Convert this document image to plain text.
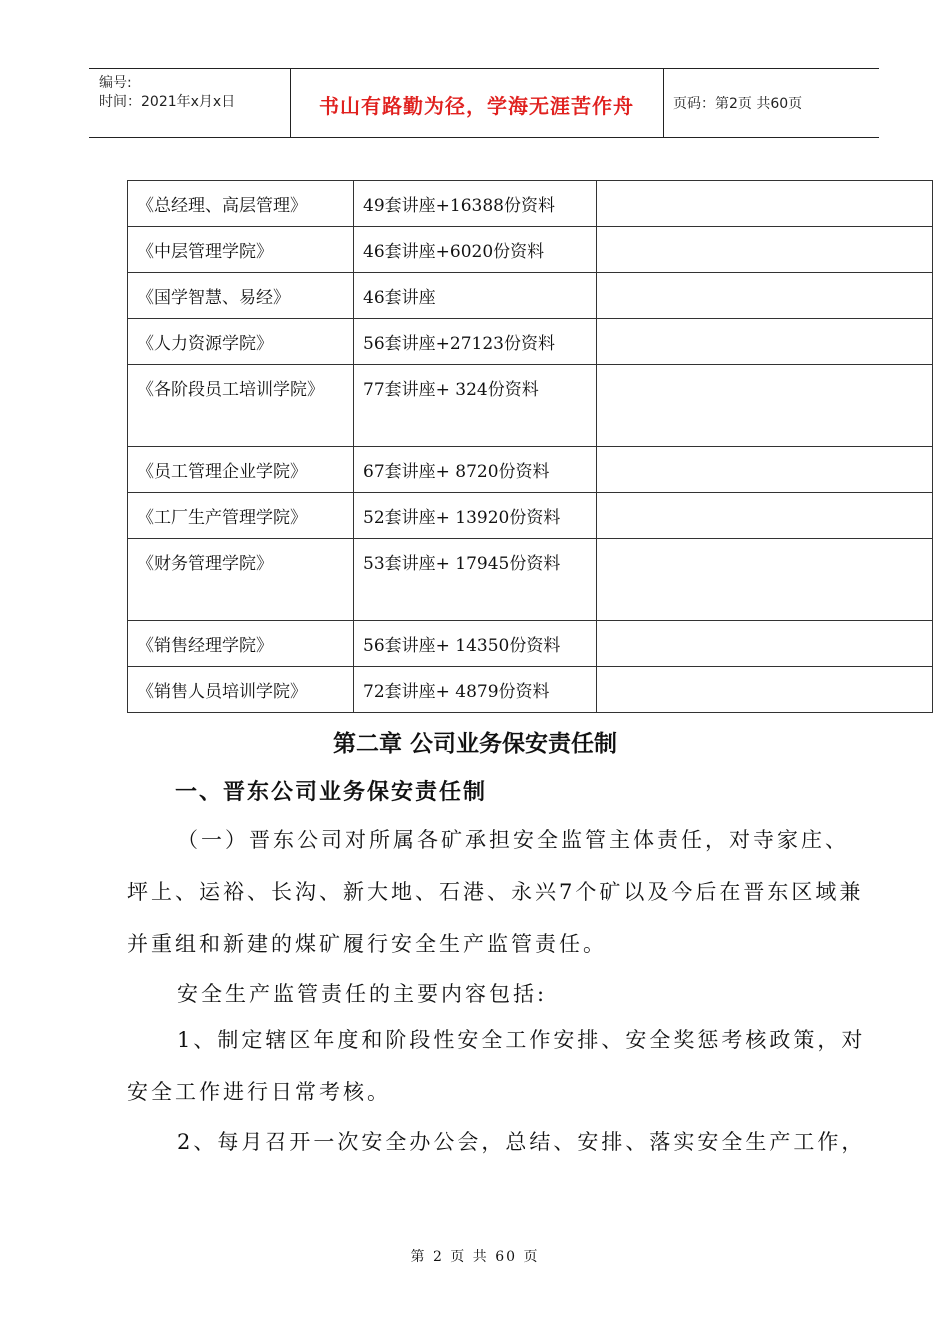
编号:
时间：2021年x月x日	书山有路勤为径，学海无涯苦作舟	页码：第2页 共60页
《总经理、高层管理》	49套讲座+16388份资料	
《中层管理学院》	46套讲座+6020份资料	
《国学智慧、易经》	46套讲座	
《人力资源学院》	56套讲座+27123份资料	
《各阶段员工培训学院》	77套讲座+ 324份资料	
《员工管理企业学院》	67套讲座+ 8720份资料	
《工厂生产管理学院》	52套讲座+ 13920份资料	
《财务管理学院》	53套讲座+ 17945份资料	
《销售经理学院》	56套讲座+ 14350份资料	
《销售人员培训学院》	72套讲座+ 4879份资料	
第二章 公司业务保安责任制
一、晋东公司业务保安责任制
（一）晋东公司对所属各矿承担安全监管主体责任，对寺家庄、坪上、运裕、长沟、新大地、石港、永兴7个矿以及今后在晋东区域兼并重组和新建的煤矿履行安全生产监管责任。
安全生产监管责任的主要内容包括:
1、制定辖区年度和阶段性安全工作安排、安全奖惩考核政策，对安全工作进行日常考核。
2、每月召开一次安全办公会，总结、安排、落实安全生产工作，
第 2 页 共 60 页
